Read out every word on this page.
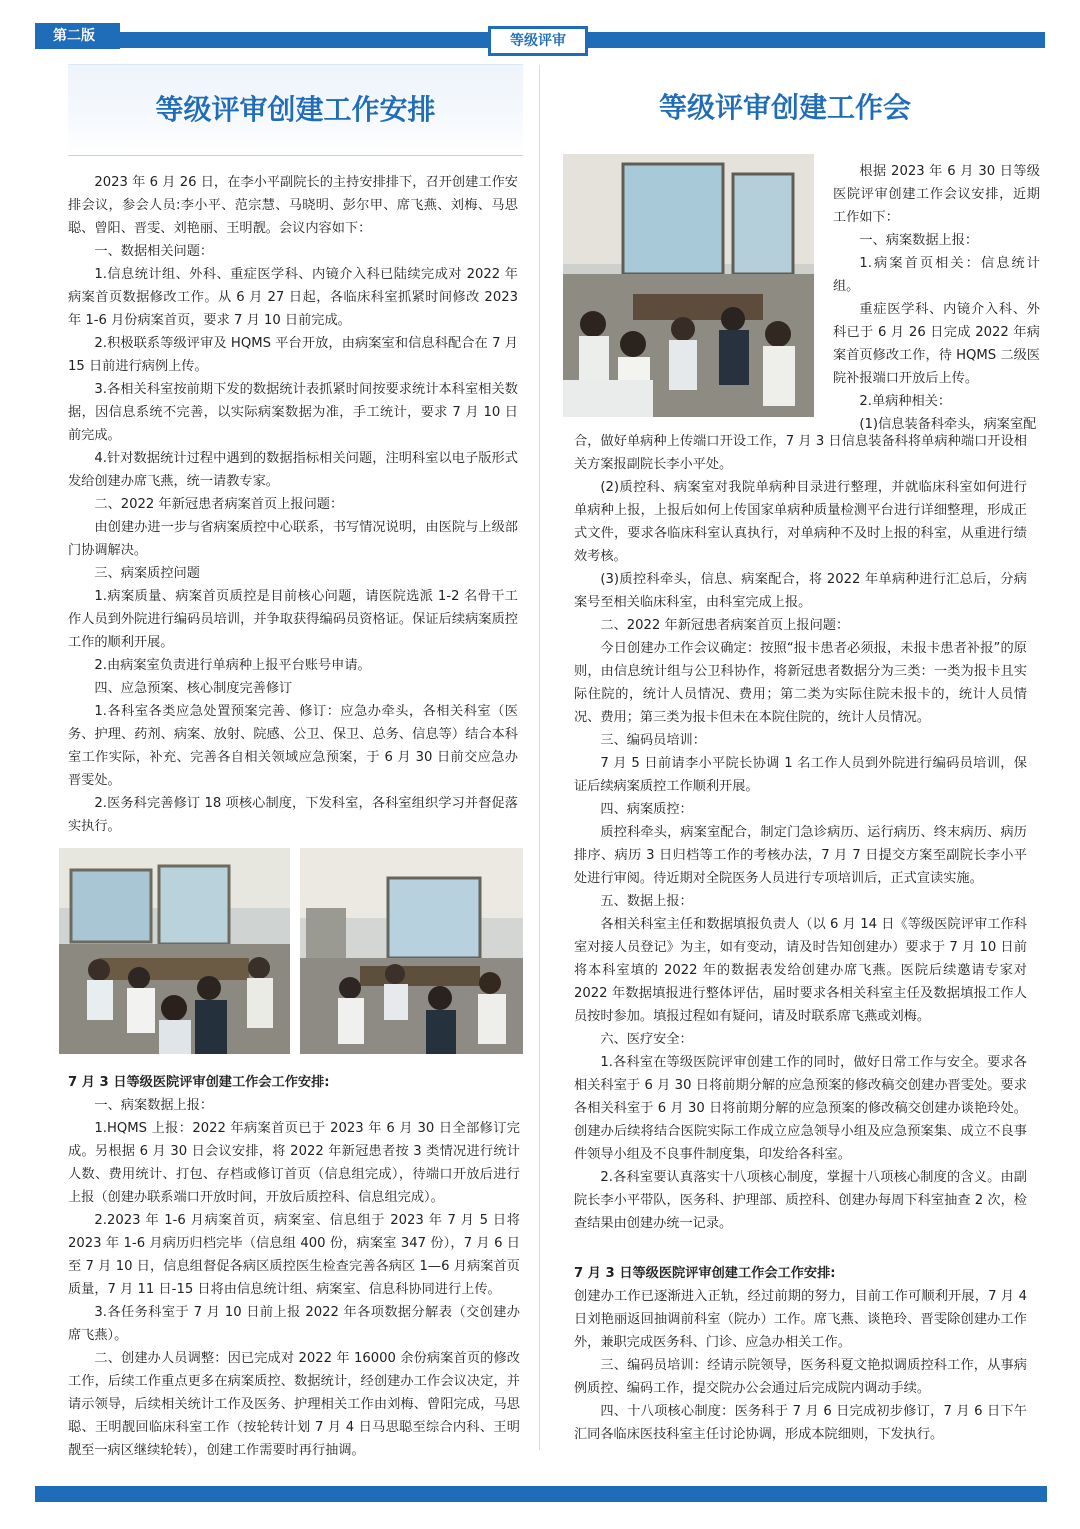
第二版	等级评审
等级评审创建工作安排

2023 年 6 月 26 日，在李小平副院长的主持安排排下，召开创建工作安排会议，参会人员:李小平、范宗慧、马晓明、彭尔甲、席飞燕、刘梅、马思聪、曾阳、晋雯、刘艳丽、王明靓。会议内容如下：

一、数据相关问题：

1.信息统计组、外科、重症医学科、内镜介入科已陆续完成对 2022 年病案首页数据修改工作。从 6 月 27 日起，各临床科室抓紧时间修改 2023 年 1-6 月份病案首页，要求 7 月 10 日前完成。

2.积极联系等级评审及 HQMS 平台开放，由病案室和信息科配合在 7 月 15 日前进行病例上传。

3.各相关科室按前期下发的数据统计表抓紧时间按要求统计本科室相关数据，因信息系统不完善，以实际病案数据为准，手工统计，要求 7 月 10 日前完成。

4.针对数据统计过程中遇到的数据指标相关问题，注明科室以电子版形式发给创建办席飞燕，统一请教专家。

二、2022 年新冠患者病案首页上报问题：

由创建办进一步与省病案质控中心联系，书写情况说明，由医院与上级部门协调解决。

三、病案质控问题

1.病案质量、病案首页质控是目前核心问题，请医院选派 1-2 名骨干工作人员到外院进行编码员培训，并争取获得编码员资格证。保证后续病案质控工作的顺利开展。

2.由病案室负责进行单病种上报平台账号申请。

四、应急预案、核心制度完善修订

1.各科室各类应急处置预案完善、修订：应急办牵头，各相关科室（医务、护理、药剂、病案、放射、院感、公卫、保卫、总务、信息等）结合本科室工作实际，补充、完善各自相关领域应急预案，于 6 月 30 日前交应急办晋雯处。

2.医务科完善修订 18 项核心制度，下发科室，各科室组织学习并督促落实执行。

7 月 3 日等级医院评审创建工作会工作安排:

一、病案数据上报：

1.HQMS 上报：2022 年病案首页已于 2023 年 6 月 30 日全部修订完成。另根据 6 月 30 日会议安排，将 2022 年新冠患者按 3 类情况进行统计人数、费用统计、打包、存档或修订首页（信息组完成），待端口开放后进行上报（创建办联系端口开放时间，开放后质控科、信息组完成）。

2.2023 年 1-6 月病案首页，病案室、信息组于 2023 年 7 月 5 日将 2023 年 1-6 月病历归档完毕（信息组 400 份，病案室 347 份），7 月 6 日至 7 月 10 日，信息组督促各病区质控医生检查完善各病区 1—6 月病案首页质量，7 月 11 日-15 日将由信息统计组、病案室、信息科协同进行上传。

3.各任务科室于 7 月 10 日前上报 2022 年各项数据分解表（交创建办席飞燕）。

二、创建办人员调整：因已完成对 2022 年 16000 余份病案首页的修改工作，后续工作重点更多在病案质控、数据统计，经创建办工作会议决定，并请示领导，后续相关统计工作及医务、护理相关工作由刘梅、曾阳完成，马思聪、王明靓回临床科室工作（按轮转计划 7 月 4 日马思聪至综合内科、王明靓至一病区继续轮转），创建工作需要时再行抽调。

等级评审创建工作会

根据 2023 年 6 月 30 日等级医院评审创建工作会议安排，近期工作如下：

一、病案数据上报：

1.病案首页相关：信息统计组。

重症医学科、内镜介入科、外科已于 6 月 26 日完成 2022 年病案首页修改工作，待 HQMS 二级医院补报端口开放后上传。

2.单病种相关：

(1)信息装备科牵头，病案室配

合，做好单病种上传端口开设工作，7 月 3 日信息装备科将单病种端口开设相关方案报副院长李小平处。

(2)质控科、病案室对我院单病种目录进行整理，并就临床科室如何进行单病种上报，上报后如何上传国家单病种质量检测平台进行详细整理，形成正式文件，要求各临床科室认真执行，对单病种不及时上报的科室，从重进行绩效考核。

(3)质控科牵头，信息、病案配合，将 2022 年单病种进行汇总后，分病案号至相关临床科室，由科室完成上报。

二、2022 年新冠患者病案首页上报问题：

今日创建办工作会议确定：按照“报卡患者必须报，未报卡患者补报”的原则，由信息统计组与公卫科协作，将新冠患者数据分为三类：一类为报卡且实际住院的，统计人员情况、费用；第二类为实际住院未报卡的，统计人员情况、费用；第三类为报卡但未在本院住院的，统计人员情况。

三、编码员培训：

7 月 5 日前请李小平院长协调 1 名工作人员到外院进行编码员培训，保证后续病案质控工作顺利开展。

四、病案质控：

质控科牵头，病案室配合，制定门急诊病历、运行病历、终末病历、病历排序、病历 3 日归档等工作的考核办法，7 月 7 日提交方案至副院长李小平处进行审阅。待近期对全院医务人员进行专项培训后，正式宣读实施。

五、数据上报：

各相关科室主任和数据填报负责人（以 6 月 14 日《等级医院评审工作科室对接人员登记》为主，如有变动，请及时告知创建办）要求于 7 月 10 日前将本科室填的 2022 年的数据表发给创建办席飞燕。医院后续邀请专家对 2022 年数据填报进行整体评估，届时要求各相关科室主任及数据填报工作人员按时参加。填报过程如有疑问，请及时联系席飞燕或刘梅。

六、医疗安全：

1.各科室在等级医院评审创建工作的同时，做好日常工作与安全。要求各相关科室于 6 月 30 日将前期分解的应急预案的修改稿交创建办晋雯处。要求各相关科室于 6 月 30 日将前期分解的应急预案的修改稿交创建办谈艳玲处。创建办后续将结合医院实际工作成立应急领导小组及应急预案集、成立不良事件领导小组及不良事件制度集，印发给各科室。

2.各科室要认真落实十八项核心制度，掌握十八项核心制度的含义。由副院长李小平带队，医务科、护理部、质控科、创建办每周下科室抽查 2 次，检查结果由创建办统一记录。

7 月 3 日等级医院评审创建工作会工作安排:

创建办工作已逐渐进入正轨，经过前期的努力，目前工作可顺利开展，7 月 4 日刘艳丽返回抽调前科室（院办）工作。席飞燕、谈艳玲、晋雯除创建办工作外，兼职完成医务科、门诊、应急办相关工作。

三、编码员培训：经请示院领导，医务科夏文艳拟调质控科工作，从事病例质控、编码工作，提交院办公会通过后完成院内调动手续。

四、十八项核心制度：医务科于 7 月 6 日完成初步修订，7 月 6 日下午汇同各临床医技科室主任讨论协调，形成本院细则，下发执行。
